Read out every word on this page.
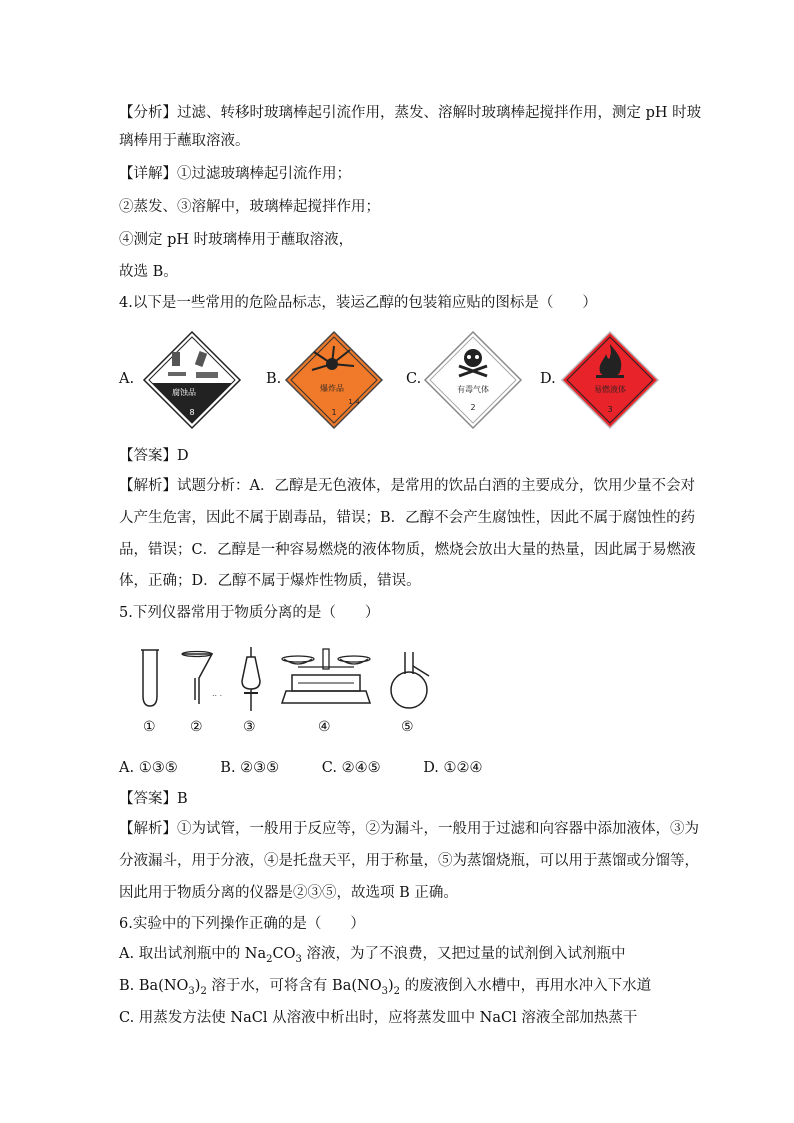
【分析】过滤、转移时玻璃棒起引流作用，蒸发、溶解时玻璃棒起搅拌作用，测定 pH 时玻
璃棒用于蘸取溶液。
【详解】①过滤玻璃棒起引流作用；
②蒸发、③溶解中，玻璃棒起搅拌作用；
④测定 pH 时玻璃棒用于蘸取溶液，
故选 B。
4.以下是一些常用的危险品标志，装运乙醇的包装箱应贴的图标是（　　）
A.
腐蚀品
8
B.
爆炸品
1.4
1
C.
有毒气体
2
D.
易燃液体
3
【答案】D
【解析】试题分析：A．乙醇是无色液体，是常用的饮品白酒的主要成分，饮用少量不会对
人产生危害，因此不属于剧毒品，错误；B．乙醇不会产生腐蚀性，因此不属于腐蚀性的药
品，错误；C．乙醇是一种容易燃烧的液体物质，燃烧会放出大量的热量，因此属于易燃液
体，正确；D．乙醇不属于爆炸性物质，错误。
5.下列仪器常用于物质分离的是（　　）
.. .
① ②	③	④	⑤
A. ①③⑤	B. ②③⑤	C. ②④⑤	D. ①②④
【答案】B
【解析】①为试管，一般用于反应等，②为漏斗，一般用于过滤和向容器中添加液体，③为
分液漏斗，用于分液，④是托盘天平，用于称量，⑤为蒸馏烧瓶，可以用于蒸馏或分馏等，
因此用于物质分离的仪器是②③⑤，故选项 B 正确。
6.实验中的下列操作正确的是（　　）
A. 取出试剂瓶中的 $Na_2CO_3$ 溶液，为了不浪费，又把过量的试剂倒入试剂瓶中
B. $Ba(NO_3)_2$ 溶于水，可将含有 $Ba(NO_3)_2$ 的废液倒入水槽中，再用水冲入下水道
C. 用蒸发方法使 NaCl 从溶液中析出时，应将蒸发皿中 NaCl 溶液全部加热蒸干
